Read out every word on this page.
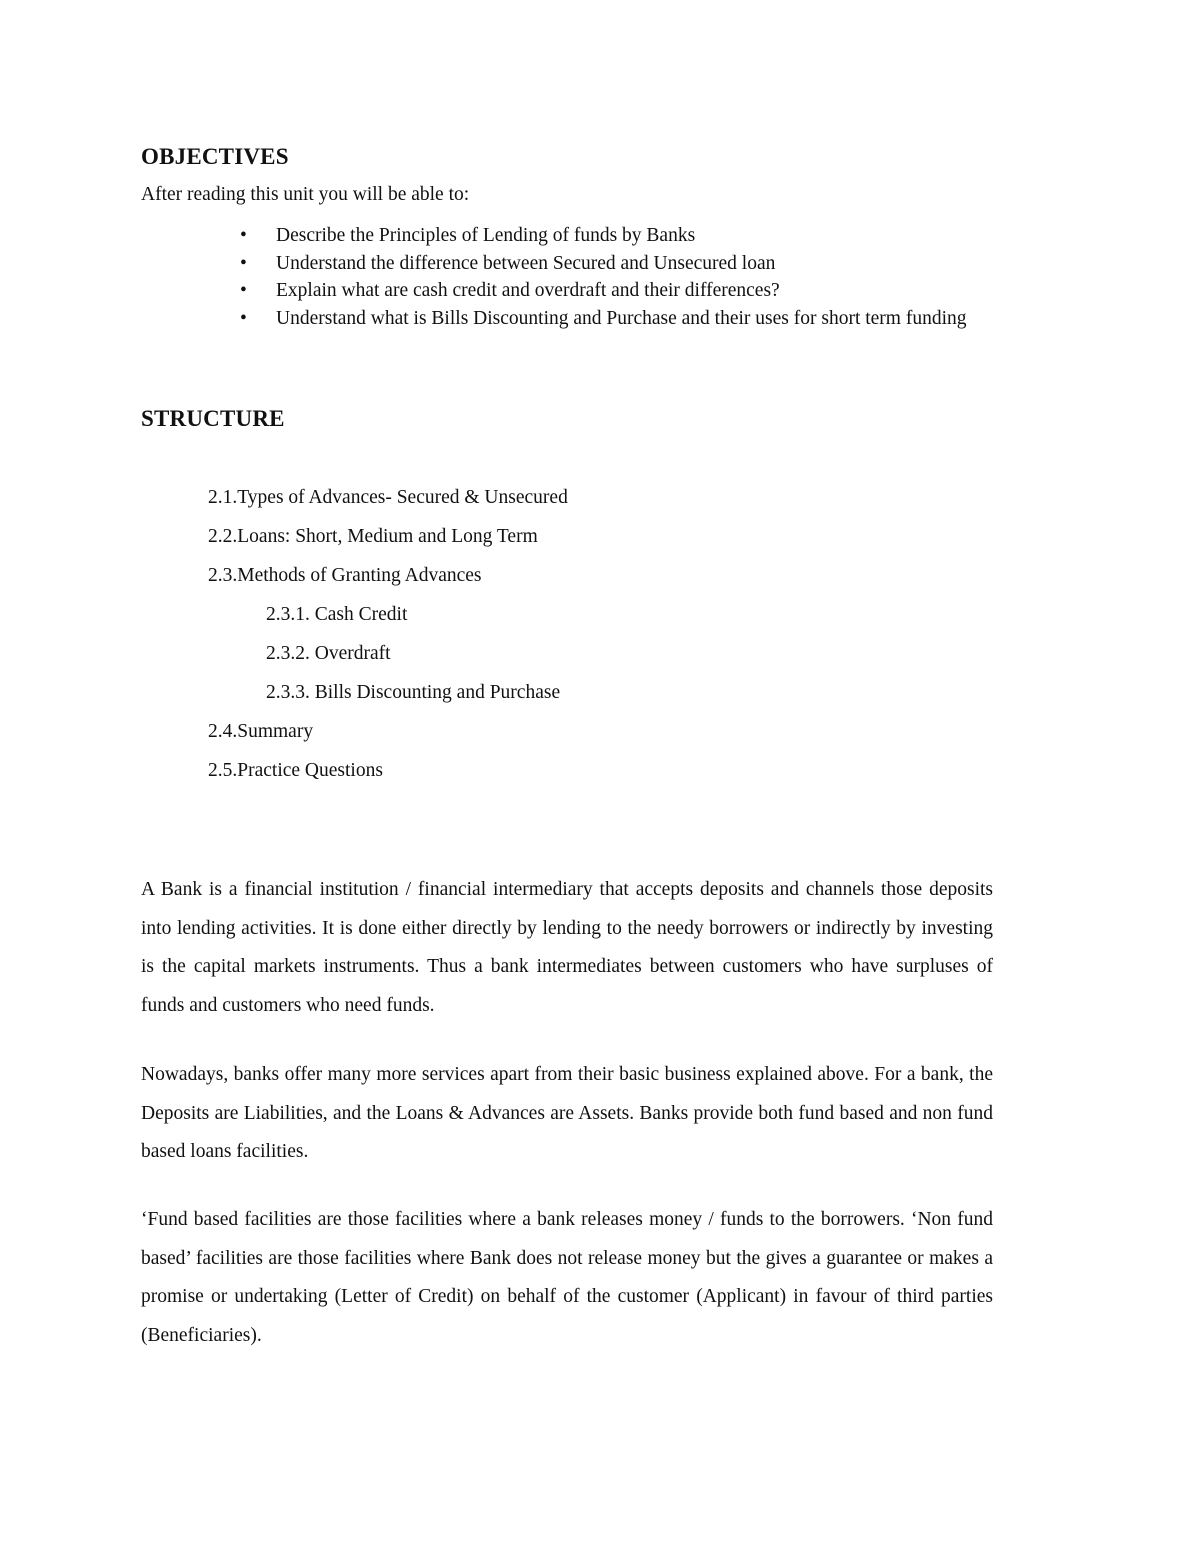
OBJECTIVES

After reading this unit you will be able to:

• Describe the Principles of Lending of funds by Banks
• Understand the difference between Secured and Unsecured loan
• Explain what are cash credit and overdraft and their differences?
• Understand what is Bills Discounting and Purchase and their uses for short term funding
STRUCTURE
2.1.Types of Advances- Secured & Unsecured
2.2.Loans: Short, Medium and Long Term
2.3.Methods of Granting Advances
2.3.1. Cash Credit
2.3.2. Overdraft
2.3.3. Bills Discounting and Purchase
2.4.Summary
2.5.Practice Questions

A Bank is a financial institution / financial intermediary that accepts deposits and channels those deposits into lending activities. It is done either directly by lending to the needy borrowers or indirectly by investing is the capital markets instruments. Thus a bank intermediates between customers who have surpluses of funds and customers who need funds.

Nowadays, banks offer many more services apart from their basic business explained above. For a bank, the Deposits are Liabilities, and the Loans & Advances are Assets. Banks provide both fund based and non fund based loans facilities.

‘Fund based facilities are those facilities where a bank releases money / funds to the borrowers. ‘Non fund based’ facilities are those facilities where Bank does not release money but the gives a guarantee or makes a promise or undertaking (Letter of Credit) on behalf of the customer (Applicant) in favour of third parties (Beneficiaries).
